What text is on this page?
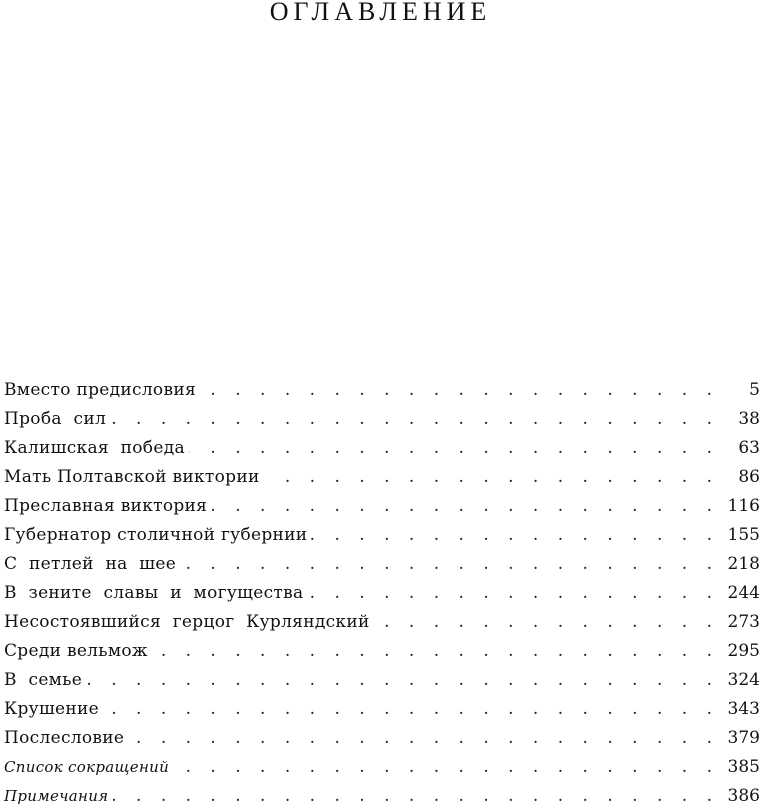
ОГЛАВЛЕНИЕ
Вместо предисловия . . .	5
Проба сил . . .	38
Калишская победа . . .	63
Мать Полтавской виктории . . .	86
Преславная виктория . . .	116
Губернатор столичной губернии . . .	155
С петлей на шее . . .	218
В зените славы и могущества . . .	244
Несостоявшийся герцог Курляндский . . .	273
Среди вельмож . . .	295
В семье . . .	324
Крушение . . .	343
Послесловие . . .	379
Список сокращений . . .	385
Примечания . . .	386
